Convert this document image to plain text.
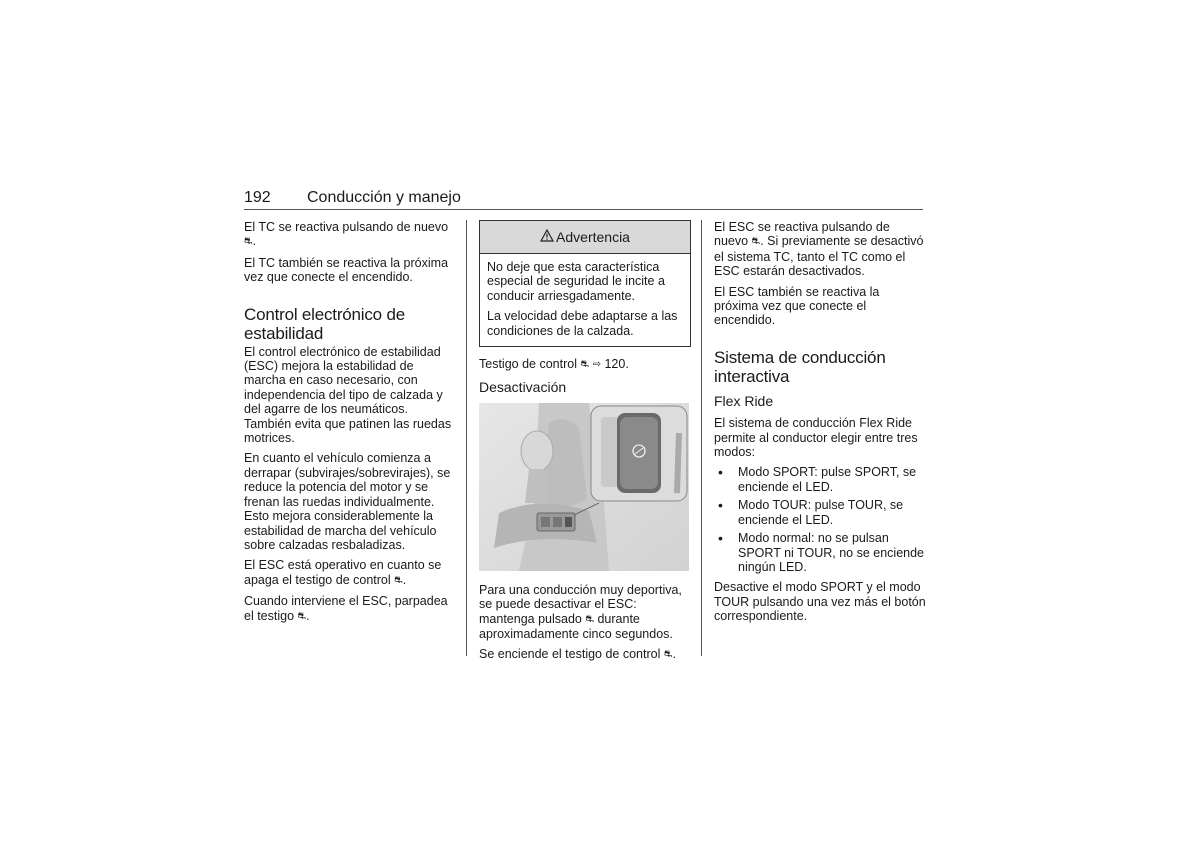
192 Conducción y manejo

El TC se reactiva pulsando de nuevo ⛐.

El TC también se reactiva la próxima vez que conecte el encendido.

Control electrónico de estabilidad

El control electrónico de estabilidad (ESC) mejora la estabilidad de marcha en caso necesario, con independencia del tipo de calzada y del agarre de los neumáticos. También evita que patinen las ruedas motrices.

En cuanto el vehículo comienza a derrapar (subvirajes/sobrevirajes), se reduce la potencia del motor y se frenan las ruedas individualmente. Esto mejora considerablemente la estabilidad de marcha del vehículo sobre calzadas resbaladizas.

El ESC está operativo en cuanto se apaga el testigo de control ⛐.

Cuando interviene el ESC, parpadea el testigo ⛐.

Advertencia

No deje que esta característica especial de seguridad le incite a conducir arriesgadamente.

La velocidad debe adaptarse a las condiciones de la calzada.

Testigo de control ⛐ ⇨ 120.

Desactivación

Para una conducción muy deportiva, se puede desactivar el ESC: mantenga pulsado ⛐ durante aproximadamente cinco segundos.

Se enciende el testigo de control ⛐.

El ESC se reactiva pulsando de nuevo ⛐. Si previamente se desactivó el sistema TC, tanto el TC como el ESC estarán desactivados.

El ESC también se reactiva la próxima vez que conecte el encendido.

Sistema de conducción interactiva
Flex Ride

El sistema de conducción Flex Ride permite al conductor elegir entre tres modos:

• Modo SPORT: pulse SPORT, se enciende el LED.
• Modo TOUR: pulse TOUR, se enciende el LED.
• Modo normal: no se pulsan SPORT ni TOUR, no se enciende ningún LED.

Desactive el modo SPORT y el modo TOUR pulsando una vez más el botón correspondiente.
